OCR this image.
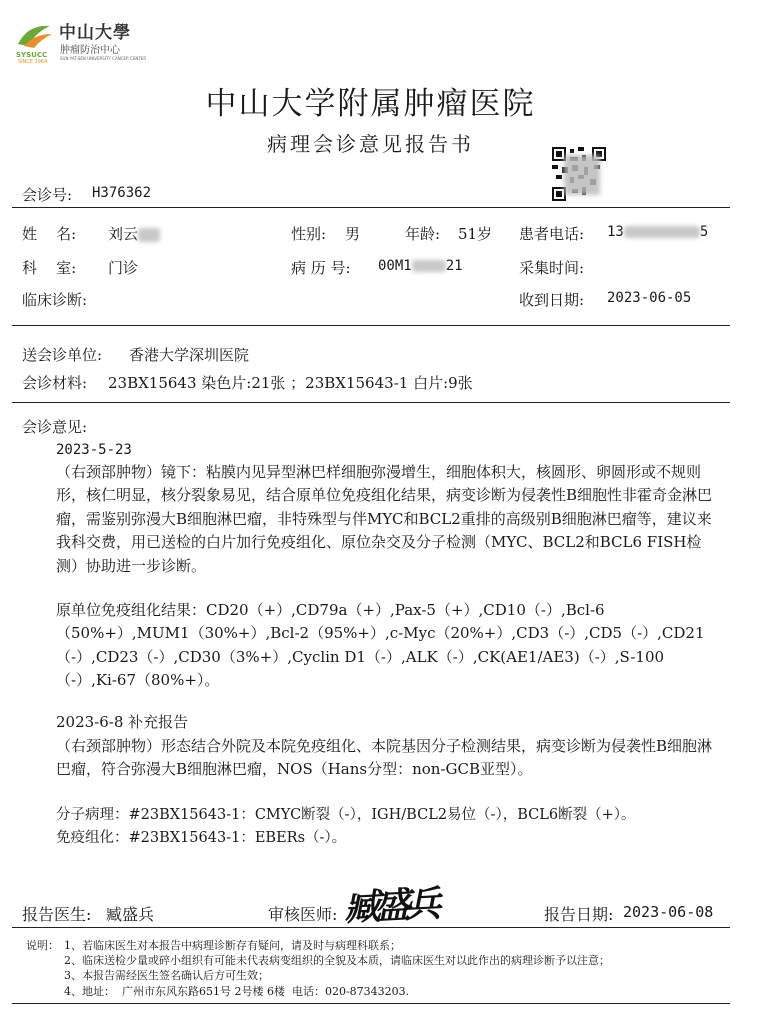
SYSUCC
SINCE 1964
中山大學
肿瘤防治中心
SUN YAT-SEN UNIVERSITY CANCER CENTER
中山大学附属肿瘤医院
病理会诊意见报告书
会诊号: H376362
姓    名: 刘云	性别: 男	年龄: 51岁 患者电话: 13	5
科    室: 门诊	病 历 号: 00M1 21	采集时间:
临床诊断:	收到日期: 2023-06-05
送会诊单位: 香港大学深圳医院
会诊材料: 23BX15643 染色片:21张 ；23BX15643-1 白片:9张
会诊意见:
2023-5-23
（右颈部肿物）镜下：粘膜内见异型淋巴样细胞弥漫增生，细胞体积大，核圆形、卵圆形或不规则形，核仁明显，核分裂象易见，结合原单位免疫组化结果，病变诊断为侵袭性B细胞性非霍奇金淋巴瘤，需鉴别弥漫大B细胞淋巴瘤，非特殊型与伴MYC和BCL2重排的高级别B细胞淋巴瘤等，建议来我科交费，用已送检的白片加行免疫组化、原位杂交及分子检测（MYC、BCL2和BCL6 FISH检测）协助进一步诊断。
原单位免疫组化结果：CD20（+）,CD79a（+）,Pax-5（+）,CD10（-）,Bcl-6（50%+）,MUM1（30%+）,Bcl-2（95%+）,c-Myc（20%+）,CD3（-）,CD5（-）,CD21（-）,CD23（-）,CD30（3%+）,Cyclin D1（-）,ALK（-）,CK(AE1/AE3)（-）,S-100（-）,Ki-67（80%+）。
2023-6-8 补充报告
（右颈部肿物）形态结合外院及本院免疫组化、本院基因分子检测结果，病变诊断为侵袭性B细胞淋巴瘤，符合弥漫大B细胞淋巴瘤，NOS（Hans分型：non-GCB亚型）。
分子病理：#23BX15643-1：CMYC断裂（-），IGH/BCL2易位（-），BCL6断裂（+）。
免疫组化：#23BX15643-1：EBERs（-）。
报告医生: 臧盛兵	审核医师: 臧盛兵	报告日期: 2023-06-08
说明： 1、若临床医生对本报告中病理诊断存有疑问，请及时与病理科联系；
2、临床送检少量或碎小组织有可能未代表病变组织的全貌及本质，请临床医生对以此作出的病理诊断予以注意；
3、本报告需经医生签名确认后方可生效；
4、地址：  广州市东风东路651号 2号楼 6楼  电话：020-87343203.
